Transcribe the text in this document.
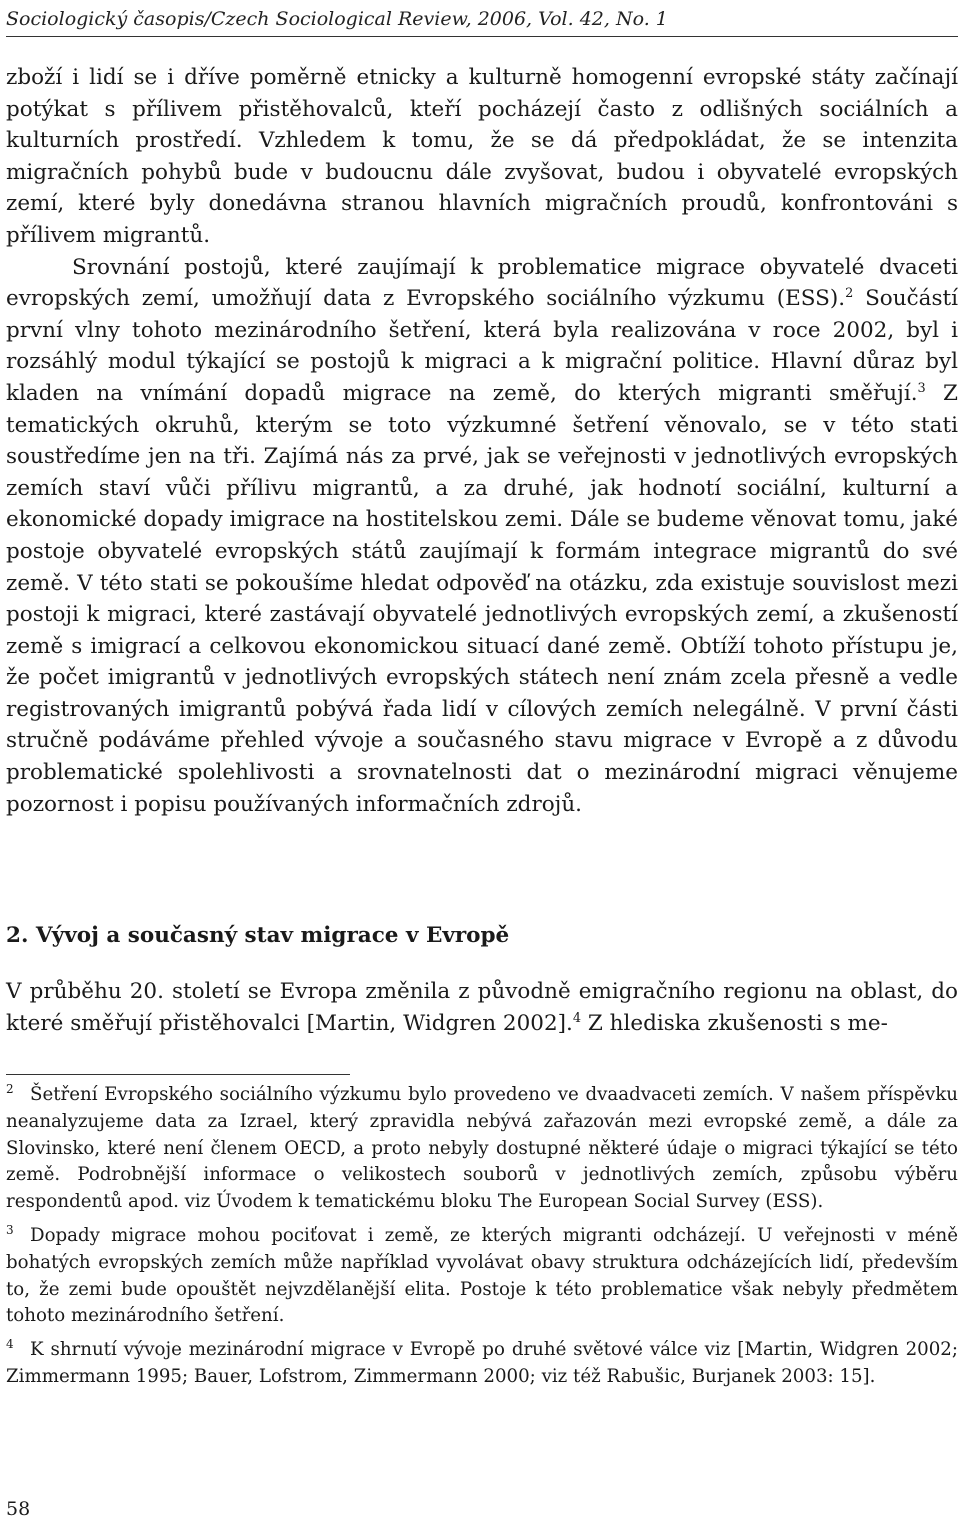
Sociologický časopis/Czech Sociological Review, 2006, Vol. 42, No. 1

zboží i lidí se i dříve poměrně etnicky a kulturně homogenní evropské státy začínají potýkat s přílivem přistěhovalců, kteří pocházejí často z odlišných sociálních a kulturních prostředí. Vzhledem k tomu, že se dá předpokládat, že se intenzita migračních pohybů bude v budoucnu dále zvyšovat, budou i obyvatelé evropských zemí, které byly donedávna stranou hlavních migračních proudů, konfrontováni s přílivem migrantů.

Srovnání postojů, které zaujímají k problematice migrace obyvatelé dvaceti evropských zemí, umožňují data z Evropského sociálního výzkumu (ESS).$^2$ Součástí první vlny tohoto mezinárodního šetření, která byla realizována v roce 2002, byl i rozsáhlý modul týkající se postojů k migraci a k migrační politice. Hlavní důraz byl kladen na vnímání dopadů migrace na země, do kterých migranti směřují.$^3$ Z tematických okruhů, kterým se toto výzkumné šetření věnovalo, se v této stati soustředíme jen na tři. Zajímá nás za prvé, jak se veřejnosti v jednotlivých evropských zemích staví vůči přílivu migrantů, a za druhé, jak hodnotí sociální, kulturní a ekonomické dopady imigrace na hostitelskou zemi. Dále se budeme věnovat tomu, jaké postoje obyvatelé evropských států zaujímají k formám integrace migrantů do své země. V této stati se pokoušíme hledat odpověď na otázku, zda existuje souvislost mezi postoji k migraci, které zastávají obyvatelé jednotlivých evropských zemí, a zkušeností země s imigrací a celkovou ekonomickou situací dané země. Obtíží tohoto přístupu je, že počet imigrantů v jednotlivých evropských státech není znám zcela přesně a vedle registrovaných imigrantů pobývá řada lidí v cílových zemích nelegálně. V první části stručně podáváme přehled vývoje a současného stavu migrace v Evropě a z důvodu problematické spolehlivosti a srovnatelnosti dat o mezinárodní migraci věnujeme pozornost i popisu používaných informačních zdrojů.

2. Vývoj a současný stav migrace v Evropě
V průběhu 20. století se Evropa změnila z původně emigračního regionu na oblast, do které směřují přistěhovalci [Martin, Widgren 2002].$^4$ Z hlediska zkušenosti s me-

2 Šetření Evropského sociálního výzkumu bylo provedeno ve dvaadvaceti zemích. V našem příspěvku neanalyzujeme data za Izrael, který zpravidla nebývá zařazován mezi evropské země, a dále za Slovinsko, které není členem OECD, a proto nebyly dostupné některé údaje o migraci týkající se této země. Podrobnější informace o velikostech souborů v jednotlivých zemích, způsobu výběru respondentů apod. viz Úvodem k tematickému bloku The European Social Survey (ESS).

3 Dopady migrace mohou pociťovat i země, ze kterých migranti odcházejí. U veřejnosti v méně bohatých evropských zemích může například vyvolávat obavy struktura odcházejících lidí, především to, že zemi bude opouštět nejvzdělanější elita. Postoje k této problematice však nebyly předmětem tohoto mezinárodního šetření.

4 K shrnutí vývoje mezinárodní migrace v Evropě po druhé světové válce viz [Martin, Widgren 2002; Zimmermann 1995; Bauer, Lofstrom, Zimmermann 2000; viz též Rabušic, Burjanek 2003: 15].

58
